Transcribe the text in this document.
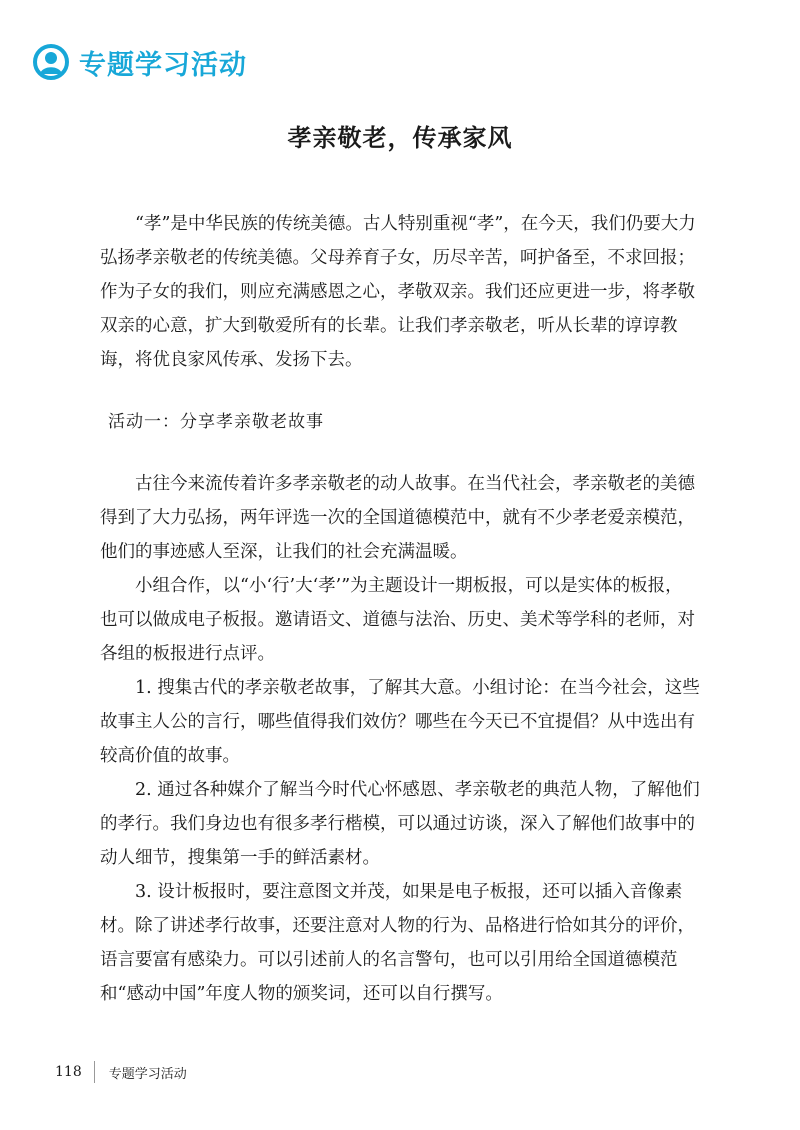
专题学习活动
孝亲敬老，传承家风

“孝”是中华民族的传统美德。古人特别重视“孝”，在今天，我们仍要大力弘扬孝亲敬老的传统美德。父母养育子女，历尽辛苦，呵护备至，不求回报；作为子女的我们，则应充满感恩之心，孝敬双亲。我们还应更进一步，将孝敬双亲的心意，扩大到敬爱所有的长辈。让我们孝亲敬老，听从长辈的谆谆教诲，将优良家风传承、发扬下去。

活动一：分享孝亲敬老故事

古往今来流传着许多孝亲敬老的动人故事。在当代社会，孝亲敬老的美德得到了大力弘扬，两年评选一次的全国道德模范中，就有不少孝老爱亲模范，他们的事迹感人至深，让我们的社会充满温暖。

小组合作，以“小‘行’大‘孝’”为主题设计一期板报，可以是实体的板报，也可以做成电子板报。邀请语文、道德与法治、历史、美术等学科的老师，对各组的板报进行点评。

1. 搜集古代的孝亲敬老故事，了解其大意。小组讨论：在当今社会，这些故事主人公的言行，哪些值得我们效仿？哪些在今天已不宜提倡？从中选出有较高价值的故事。

2. 通过各种媒介了解当今时代心怀感恩、孝亲敬老的典范人物，了解他们的孝行。我们身边也有很多孝行楷模，可以通过访谈，深入了解他们故事中的动人细节，搜集第一手的鲜活素材。

3. 设计板报时，要注意图文并茂，如果是电子板报，还可以插入音像素材。除了讲述孝行故事，还要注意对人物的行为、品格进行恰如其分的评价，语言要富有感染力。可以引述前人的名言警句，也可以引用给全国道德模范和“感动中国”年度人物的颁奖词，还可以自行撰写。

118 专题学习活动
